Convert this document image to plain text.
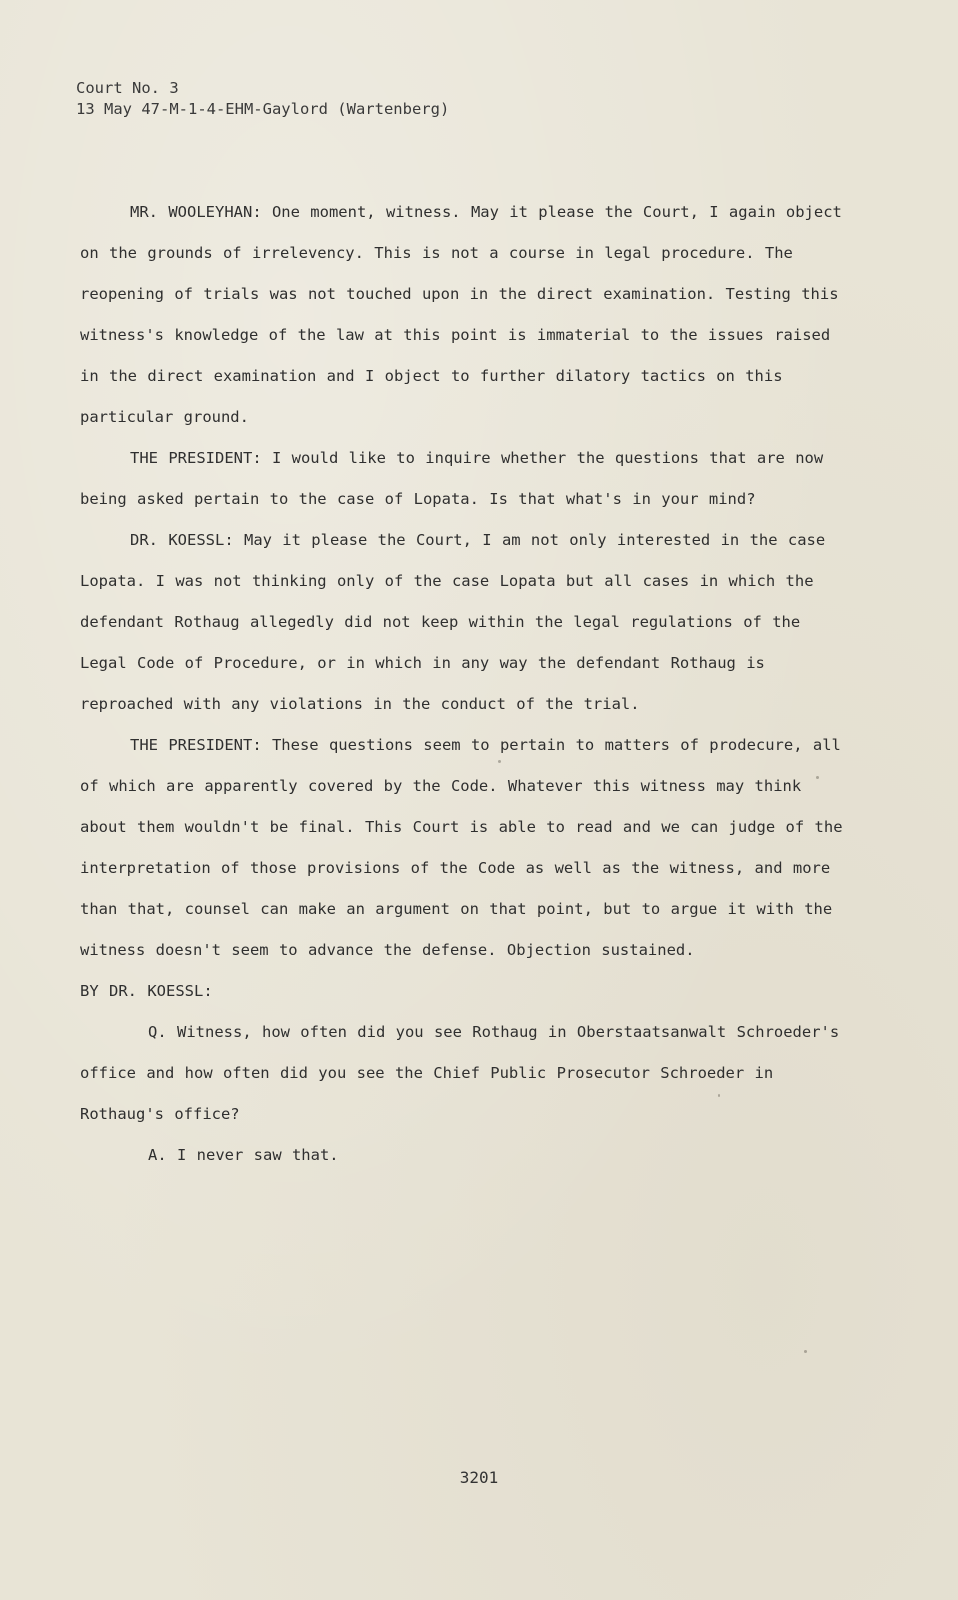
Court No. 3
13 May 47-M-1-4-EHM-Gaylord (Wartenberg)

MR. WOOLEYHAN: One moment, witness. May it please the Court, I again object on the grounds of irrelevency. This is not a course in legal procedure. The reopening of trials was not touched upon in the direct examination. Testing this witness's knowledge of the law at this point is immaterial to the issues raised in the direct examination and I object to further dilatory tactics on this particular ground.

THE PRESIDENT: I would like to inquire whether the questions that are now being asked pertain to the case of Lopata. Is that what's in your mind?

DR. KOESSL: May it please the Court, I am not only interested in the case Lopata. I was not thinking only of the case Lopata but all cases in which the defendant Rothaug allegedly did not keep within the legal regulations of the Legal Code of Procedure, or in which in any way the defendant Rothaug is reproached with any violations in the conduct of the trial.

THE PRESIDENT: These questions seem to pertain to matters of prodecure, all of which are apparently covered by the Code. Whatever this witness may think about them wouldn't be final. This Court is able to read and we can judge of the interpretation of those provisions of the Code as well as the witness, and more than that, counsel can make an argument on that point, but to argue it with the witness doesn't seem to advance the defense. Objection sustained.

BY DR. KOESSL:

Q. Witness, how often did you see Rothaug in Oberstaatsanwalt Schroeder's office and how often did you see the Chief Public Prosecutor Schroeder in Rothaug's office?

A. I never saw that.

3201
